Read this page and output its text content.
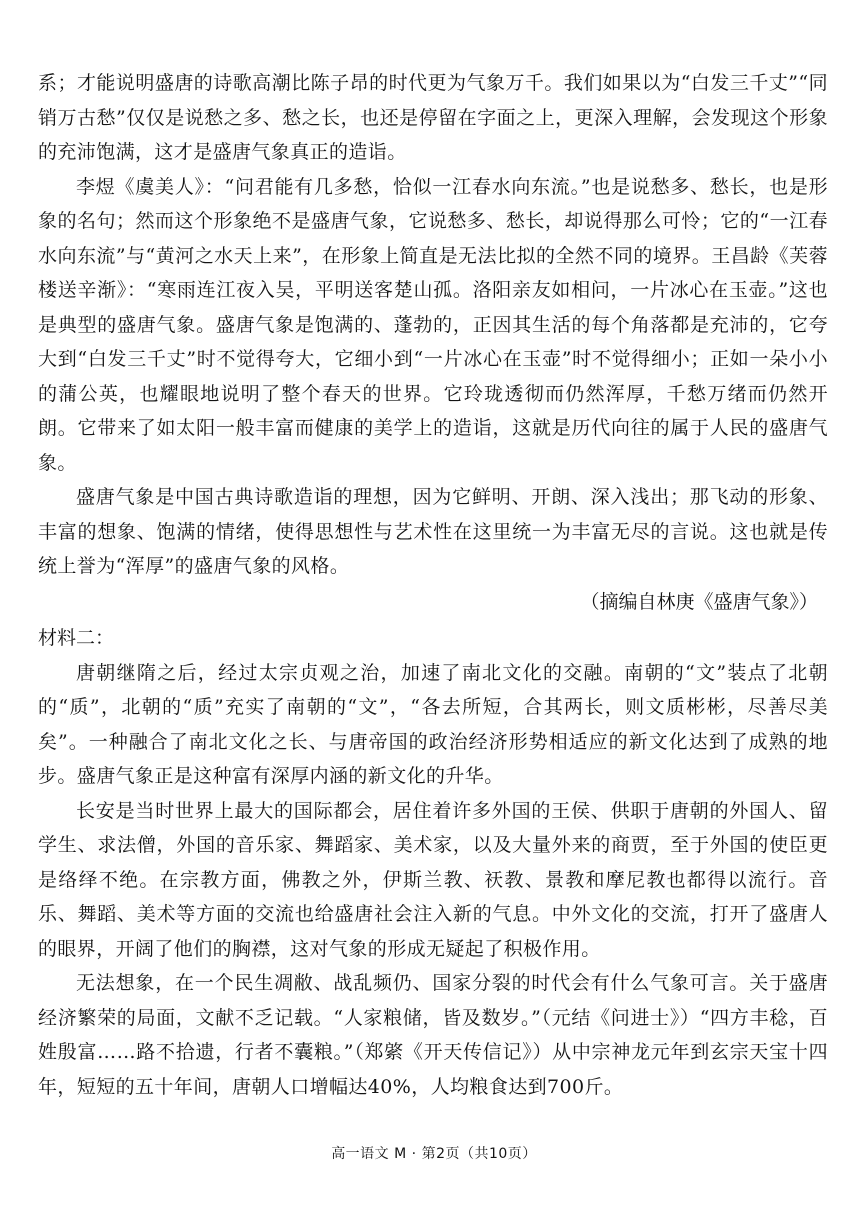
系；才能说明盛唐的诗歌高潮比陈子昂的时代更为气象万千。我们如果以为“白发三千丈”“同销万古愁”仅仅是说愁之多、愁之长，也还是停留在字面之上，更深入理解，会发现这个形象的充沛饱满，这才是盛唐气象真正的造诣。

李煜《虞美人》：“问君能有几多愁，恰似一江春水向东流。”也是说愁多、愁长，也是形象的名句；然而这个形象绝不是盛唐气象，它说愁多、愁长，却说得那么可怜；它的“一江春水向东流”与“黄河之水天上来”，在形象上简直是无法比拟的全然不同的境界。王昌龄《芙蓉楼送辛渐》：“寒雨连江夜入吴，平明送客楚山孤。洛阳亲友如相问，一片冰心在玉壶。”这也是典型的盛唐气象。盛唐气象是饱满的、蓬勃的，正因其生活的每个角落都是充沛的，它夸大到“白发三千丈”时不觉得夸大，它细小到“一片冰心在玉壶”时不觉得细小；正如一朵小小的蒲公英，也耀眼地说明了整个春天的世界。它玲珑透彻而仍然浑厚，千愁万绪而仍然开朗。它带来了如太阳一般丰富而健康的美学上的造诣，这就是历代向往的属于人民的盛唐气象。

盛唐气象是中国古典诗歌造诣的理想，因为它鲜明、开朗、深入浅出；那飞动的形象、丰富的想象、饱满的情绪，使得思想性与艺术性在这里统一为丰富无尽的言说。这也就是传统上誉为“浑厚”的盛唐气象的风格。

（摘编自林庚《盛唐气象》）

材料二：

唐朝继隋之后，经过太宗贞观之治，加速了南北文化的交融。南朝的“文”装点了北朝的“质”，北朝的“质”充实了南朝的“文”，“各去所短，合其两长，则文质彬彬，尽善尽美矣”。一种融合了南北文化之长、与唐帝国的政治经济形势相适应的新文化达到了成熟的地步。盛唐气象正是这种富有深厚内涵的新文化的升华。

长安是当时世界上最大的国际都会，居住着许多外国的王侯、供职于唐朝的外国人、留学生、求法僧，外国的音乐家、舞蹈家、美术家，以及大量外来的商贾，至于外国的使臣更是络绎不绝。在宗教方面，佛教之外，伊斯兰教、祆教、景教和摩尼教也都得以流行。音乐、舞蹈、美术等方面的交流也给盛唐社会注入新的气息。中外文化的交流，打开了盛唐人的眼界，开阔了他们的胸襟，这对气象的形成无疑起了积极作用。

无法想象，在一个民生凋敝、战乱频仍、国家分裂的时代会有什么气象可言。关于盛唐经济繁荣的局面，文献不乏记载。“人家粮储，皆及数岁。”（元结《问进士》）“四方丰稔，百姓殷富……路不拾遗，行者不囊粮。”（郑綮《开天传信记》）从中宗神龙元年到玄宗天宝十四年，短短的五十年间，唐朝人口增幅达40%，人均粮食达到700斤。

高一语文 M · 第2页（共10页）
